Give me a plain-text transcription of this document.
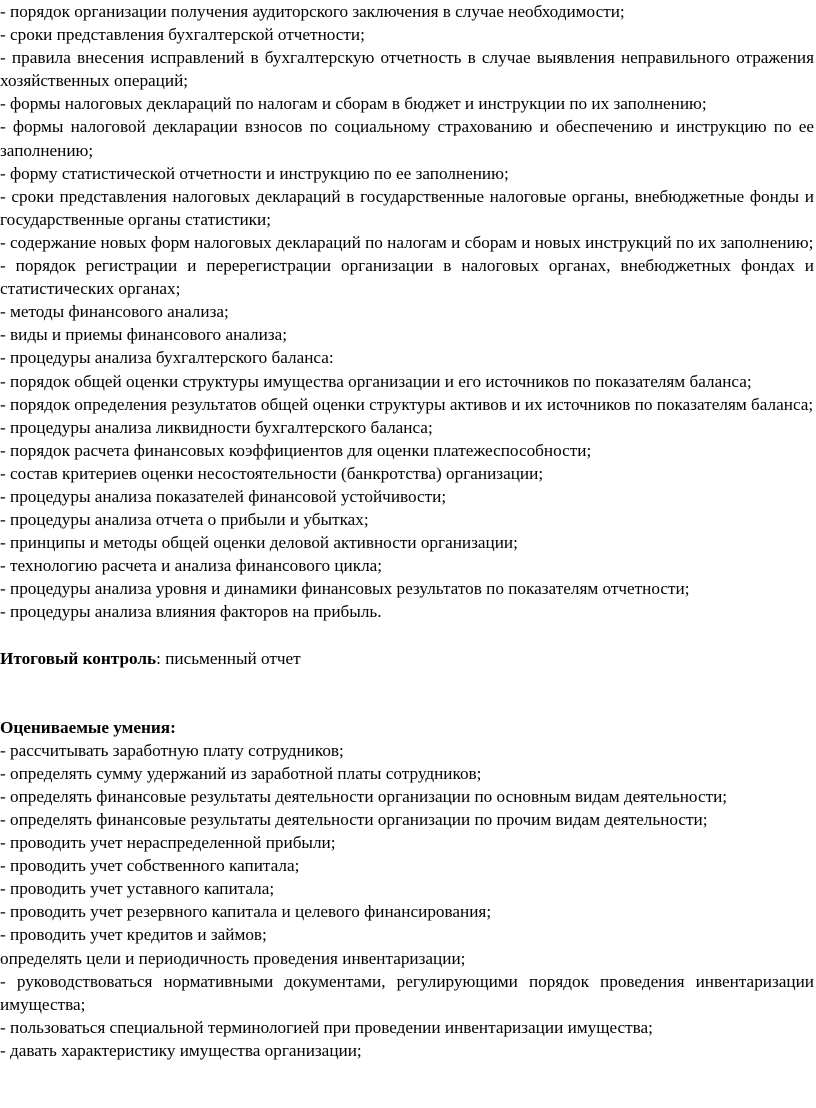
- порядок организации получения аудиторского заключения в случае необходимости;

- сроки представления бухгалтерской отчетности;

- правила внесения исправлений в бухгалтерскую отчетность в случае выявления неправильного отражения хозяйственных операций;

- формы налоговых деклараций по налогам и сборам в бюджет и инструкции по их заполнению;

- формы налоговой декларации взносов по социальному страхованию и обеспечению и инструкцию по ее заполнению;

- форму статистической отчетности и инструкцию по ее заполнению;

- сроки представления налоговых деклараций в государственные налоговые органы, внебюджетные фонды и государственные органы статистики;

- содержание новых форм налоговых деклараций по налогам и сборам и новых инструкций по их заполнению;

- порядок регистрации и перерегистрации организации в налоговых органах, внебюджетных фондах и статистических органах;

- методы финансового анализа;

- виды и приемы финансового анализа;

- процедуры анализа бухгалтерского баланса:

- порядок общей оценки структуры имущества организации и его источников по показателям баланса;

- порядок определения результатов общей оценки структуры активов и их источников по показателям баланса;

- процедуры анализа ликвидности бухгалтерского баланса;

- порядок расчета финансовых коэффициентов для оценки платежеспособности;

- состав критериев оценки несостоятельности (банкротства) организации;

- процедуры анализа показателей финансовой устойчивости;

- процедуры анализа отчета о прибыли и убытках;

- принципы и методы общей оценки деловой активности организации;

- технологию расчета и анализа финансового цикла;

- процедуры анализа уровня и динамики финансовых результатов по показателям отчетности;

- процедуры анализа влияния факторов на прибыль.

Итоговый контроль: письменный отчет

Оцениваемые умения:

- рассчитывать заработную плату сотрудников;

- определять сумму удержаний из заработной платы сотрудников;

- определять финансовые результаты деятельности организации по основным видам деятельности;

- определять финансовые результаты деятельности организации по прочим видам деятельности;

- проводить учет нераспределенной прибыли;

- проводить учет собственного капитала;

- проводить учет уставного капитала;

- проводить учет резервного капитала и целевого финансирования;

- проводить учет кредитов и займов;

определять цели и периодичность проведения инвентаризации;

- руководствоваться нормативными документами, регулирующими порядок проведения инвентаризации имущества;

- пользоваться специальной терминологией при проведении инвентаризации имущества;

- давать характеристику имущества организации;
